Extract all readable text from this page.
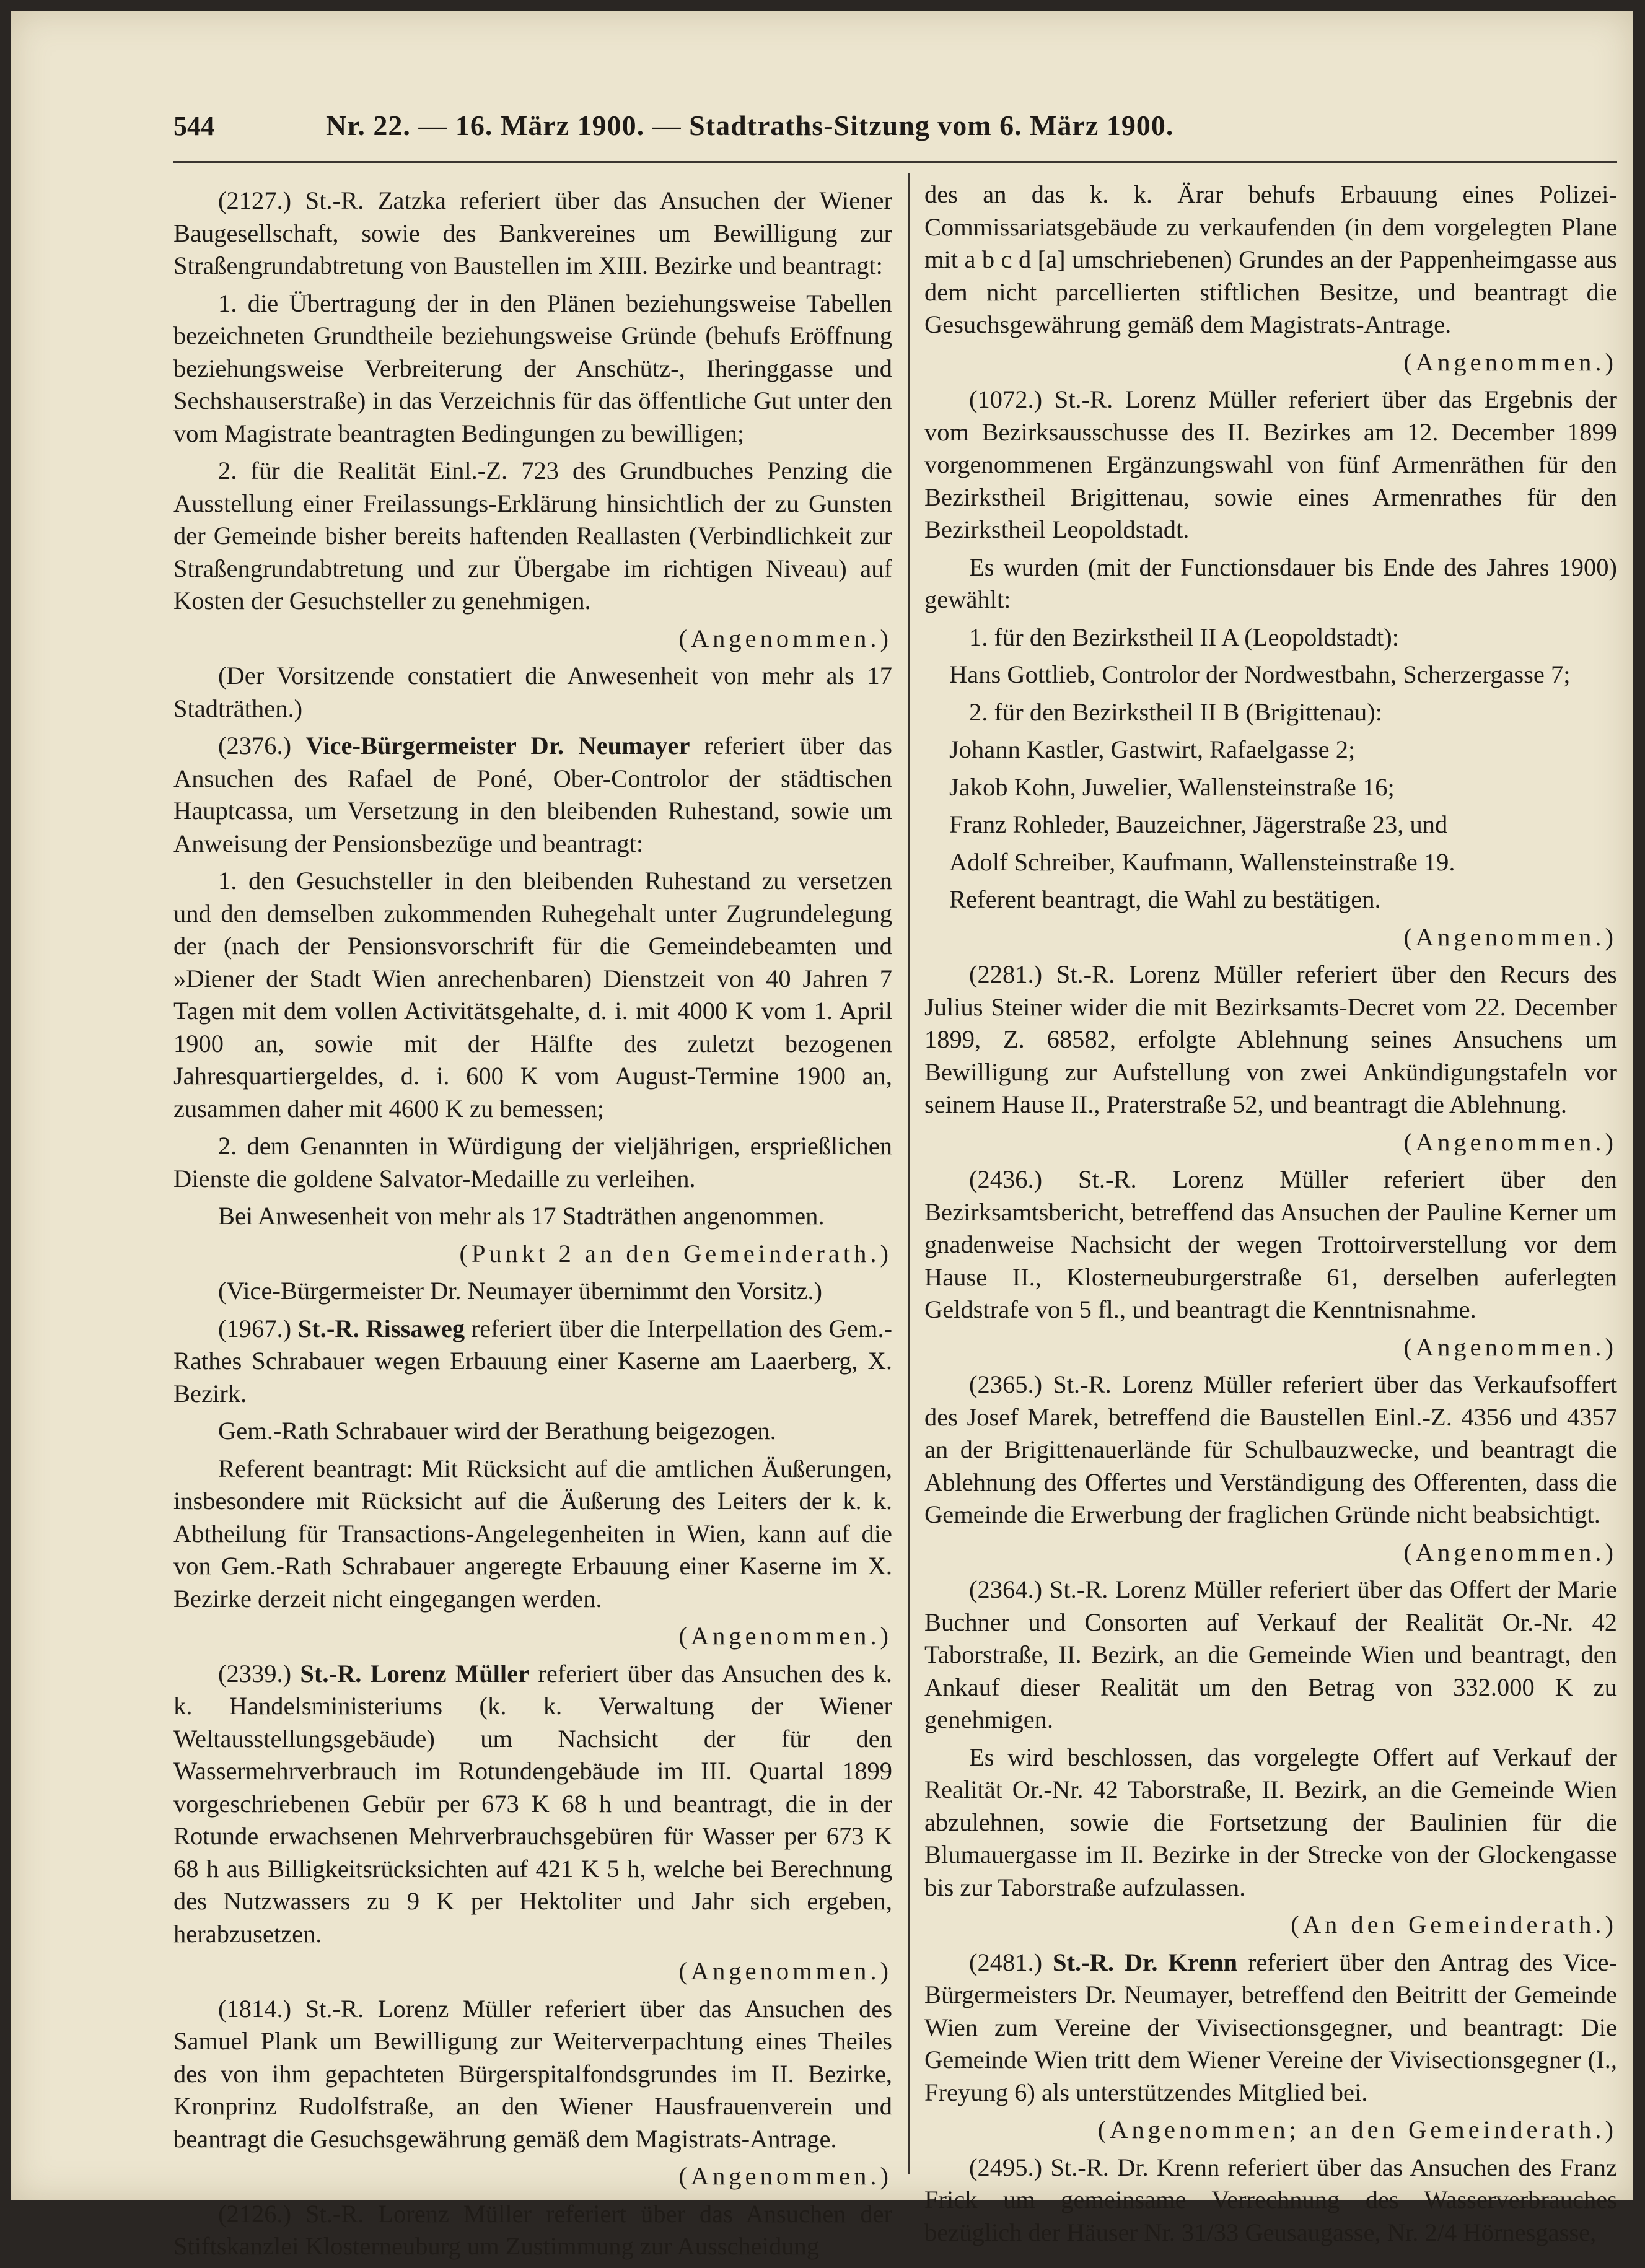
544	Nr. 22. — 16. März 1900. — Stadtraths-Sitzung vom 6. März 1900.

(2127.) St.-R. Zatzka referiert über das Ansuchen der Wiener Baugesellschaft, sowie des Bankvereines um Bewilligung zur Straßengrundabtretung von Baustellen im XIII. Bezirke und beantragt:

1. die Übertragung der in den Plänen beziehungsweise Tabellen bezeichneten Grundtheile beziehungsweise Gründe (behufs Eröffnung beziehungsweise Verbreiterung der Anschütz-, Iheringgasse und Sechshauserstraße) in das Verzeichnis für das öffentliche Gut unter den vom Magistrate beantragten Bedingungen zu bewilligen;

2. für die Realität Einl.-Z. 723 des Grundbuches Penzing die Ausstellung einer Freilassungs-Erklärung hinsichtlich der zu Gunsten der Gemeinde bisher bereits haftenden Reallasten (Verbindlichkeit zur Straßengrundabtretung und zur Übergabe im richtigen Niveau) auf Kosten der Gesuchsteller zu genehmigen.

(Angenommen.)

(Der Vorsitzende constatiert die Anwesenheit von mehr als 17 Stadträthen.)

(2376.) Vice-Bürgermeister Dr. Neumayer referiert über das Ansuchen des Rafael de Poné, Ober-Controlor der städtischen Hauptcassa, um Versetzung in den bleibenden Ruhestand, sowie um Anweisung der Pensionsbezüge und beantragt:

1. den Gesuchsteller in den bleibenden Ruhestand zu versetzen und den demselben zukommenden Ruhegehalt unter Zugrundelegung der (nach der Pensionsvorschrift für die Gemeindebeamten und »Diener der Stadt Wien anrechenbaren) Dienstzeit von 40 Jahren 7 Tagen mit dem vollen Activitätsgehalte, d. i. mit 4000 K vom 1. April 1900 an, sowie mit der Hälfte des zuletzt bezogenen Jahresquartiergeldes, d. i. 600 K vom August-Termine 1900 an, zusammen daher mit 4600 K zu bemessen;

2. dem Genannten in Würdigung der vieljährigen, ersprießlichen Dienste die goldene Salvator-Medaille zu verleihen.

Bei Anwesenheit von mehr als 17 Stadträthen angenommen.

(Punkt 2 an den Gemeinderath.)

(Vice-Bürgermeister Dr. Neumayer übernimmt den Vorsitz.)

(1967.) St.-R. Rissaweg referiert über die Interpellation des Gem.-Rathes Schrabauer wegen Erbauung einer Kaserne am Laaerberg, X. Bezirk.

Gem.-Rath Schrabauer wird der Berathung beigezogen.

Referent beantragt: Mit Rücksicht auf die amtlichen Äußerungen, insbesondere mit Rücksicht auf die Äußerung des Leiters der k. k. Abtheilung für Transactions-Angelegenheiten in Wien, kann auf die von Gem.-Rath Schrabauer angeregte Erbauung einer Kaserne im X. Bezirke derzeit nicht eingegangen werden.

(Angenommen.)

(2339.) St.-R. Lorenz Müller referiert über das Ansuchen des k. k. Handelsministeriums (k. k. Verwaltung der Wiener Weltausstellungsgebäude) um Nachsicht der für den Wassermehrverbrauch im Rotundengebäude im III. Quartal 1899 vorgeschriebenen Gebür per 673 K 68 h und beantragt, die in der Rotunde erwachsenen Mehrverbrauchsgebüren für Wasser per 673 K 68 h aus Billigkeitsrücksichten auf 421 K 5 h, welche bei Berechnung des Nutzwassers zu 9 K per Hektoliter und Jahr sich ergeben, herabzusetzen.

(Angenommen.)

(1814.) St.-R. Lorenz Müller referiert über das Ansuchen des Samuel Plank um Bewilligung zur Weiterverpachtung eines Theiles des von ihm gepachteten Bürgerspitalfondsgrundes im II. Bezirke, Kronprinz Rudolfstraße, an den Wiener Hausfrauenverein und beantragt die Gesuchsgewährung gemäß dem Magistrats-Antrage.

(Angenommen.)

(2126.) St.-R. Lorenz Müller referiert über das Ansuchen der Stiftskanzlei Klosterneuburg um Zustimmung zur Ausscheidung

des an das k. k. Ärar behufs Erbauung eines Polizei-Commissariatsgebäude zu verkaufenden (in dem vorgelegten Plane mit a b c d [a] umschriebenen) Grundes an der Pappenheimgasse aus dem nicht parcellierten stiftlichen Besitze, und beantragt die Gesuchsgewährung gemäß dem Magistrats-Antrage.

(Angenommen.)

(1072.) St.-R. Lorenz Müller referiert über das Ergebnis der vom Bezirksausschusse des II. Bezirkes am 12. December 1899 vorgenommenen Ergänzungswahl von fünf Armenräthen für den Bezirkstheil Brigittenau, sowie eines Armenrathes für den Bezirkstheil Leopoldstadt.

Es wurden (mit der Functionsdauer bis Ende des Jahres 1900) gewählt:

1. für den Bezirkstheil II A (Leopoldstadt):

Hans Gottlieb, Controlor der Nordwestbahn, Scherzergasse 7;

2. für den Bezirkstheil II B (Brigittenau):

Johann Kastler, Gastwirt, Rafaelgasse 2;

Jakob Kohn, Juwelier, Wallensteinstraße 16;

Franz Rohleder, Bauzeichner, Jägerstraße 23, und

Adolf Schreiber, Kaufmann, Wallensteinstraße 19.

Referent beantragt, die Wahl zu bestätigen.

(Angenommen.)

(2281.) St.-R. Lorenz Müller referiert über den Recurs des Julius Steiner wider die mit Bezirksamts-Decret vom 22. December 1899, Z. 68582, erfolgte Ablehnung seines Ansuchens um Bewilligung zur Aufstellung von zwei Ankündigungstafeln vor seinem Hause II., Praterstraße 52, und beantragt die Ablehnung.

(Angenommen.)

(2436.) St.-R. Lorenz Müller referiert über den Bezirksamtsbericht, betreffend das Ansuchen der Pauline Kerner um gnadenweise Nachsicht der wegen Trottoirverstellung vor dem Hause II., Klosterneuburgerstraße 61, derselben auferlegten Geldstrafe von 5 fl., und beantragt die Kenntnisnahme.

(Angenommen.)

(2365.) St.-R. Lorenz Müller referiert über das Verkaufsoffert des Josef Marek, betreffend die Baustellen Einl.-Z. 4356 und 4357 an der Brigittenauerlände für Schulbauzwecke, und beantragt die Ablehnung des Offertes und Verständigung des Offerenten, dass die Gemeinde die Erwerbung der fraglichen Gründe nicht beabsichtigt.

(Angenommen.)

(2364.) St.-R. Lorenz Müller referiert über das Offert der Marie Buchner und Consorten auf Verkauf der Realität Or.-Nr. 42 Taborstraße, II. Bezirk, an die Gemeinde Wien und beantragt, den Ankauf dieser Realität um den Betrag von 332.000 K zu genehmigen.

Es wird beschlossen, das vorgelegte Offert auf Verkauf der Realität Or.-Nr. 42 Taborstraße, II. Bezirk, an die Gemeinde Wien abzulehnen, sowie die Fortsetzung der Baulinien für die Blumauergasse im II. Bezirke in der Strecke von der Glockengasse bis zur Taborstraße aufzulassen.

(An den Gemeinderath.)

(2481.) St.-R. Dr. Krenn referiert über den Antrag des Vice-Bürgermeisters Dr. Neumayer, betreffend den Beitritt der Gemeinde Wien zum Vereine der Vivisectionsgegner, und beantragt: Die Gemeinde Wien tritt dem Wiener Vereine der Vivisectionsgegner (I., Freyung 6) als unterstützendes Mitglied bei.

(Angenommen; an den Gemeinderath.)

(2495.) St.-R. Dr. Krenn referiert über das Ansuchen des Franz Frick um gemeinsame Verrechnung des Wasserverbrauches bezüglich der Häuser Nr. 31/33 Geusaugasse, Nr. 2/4 Hörnesgasse,
